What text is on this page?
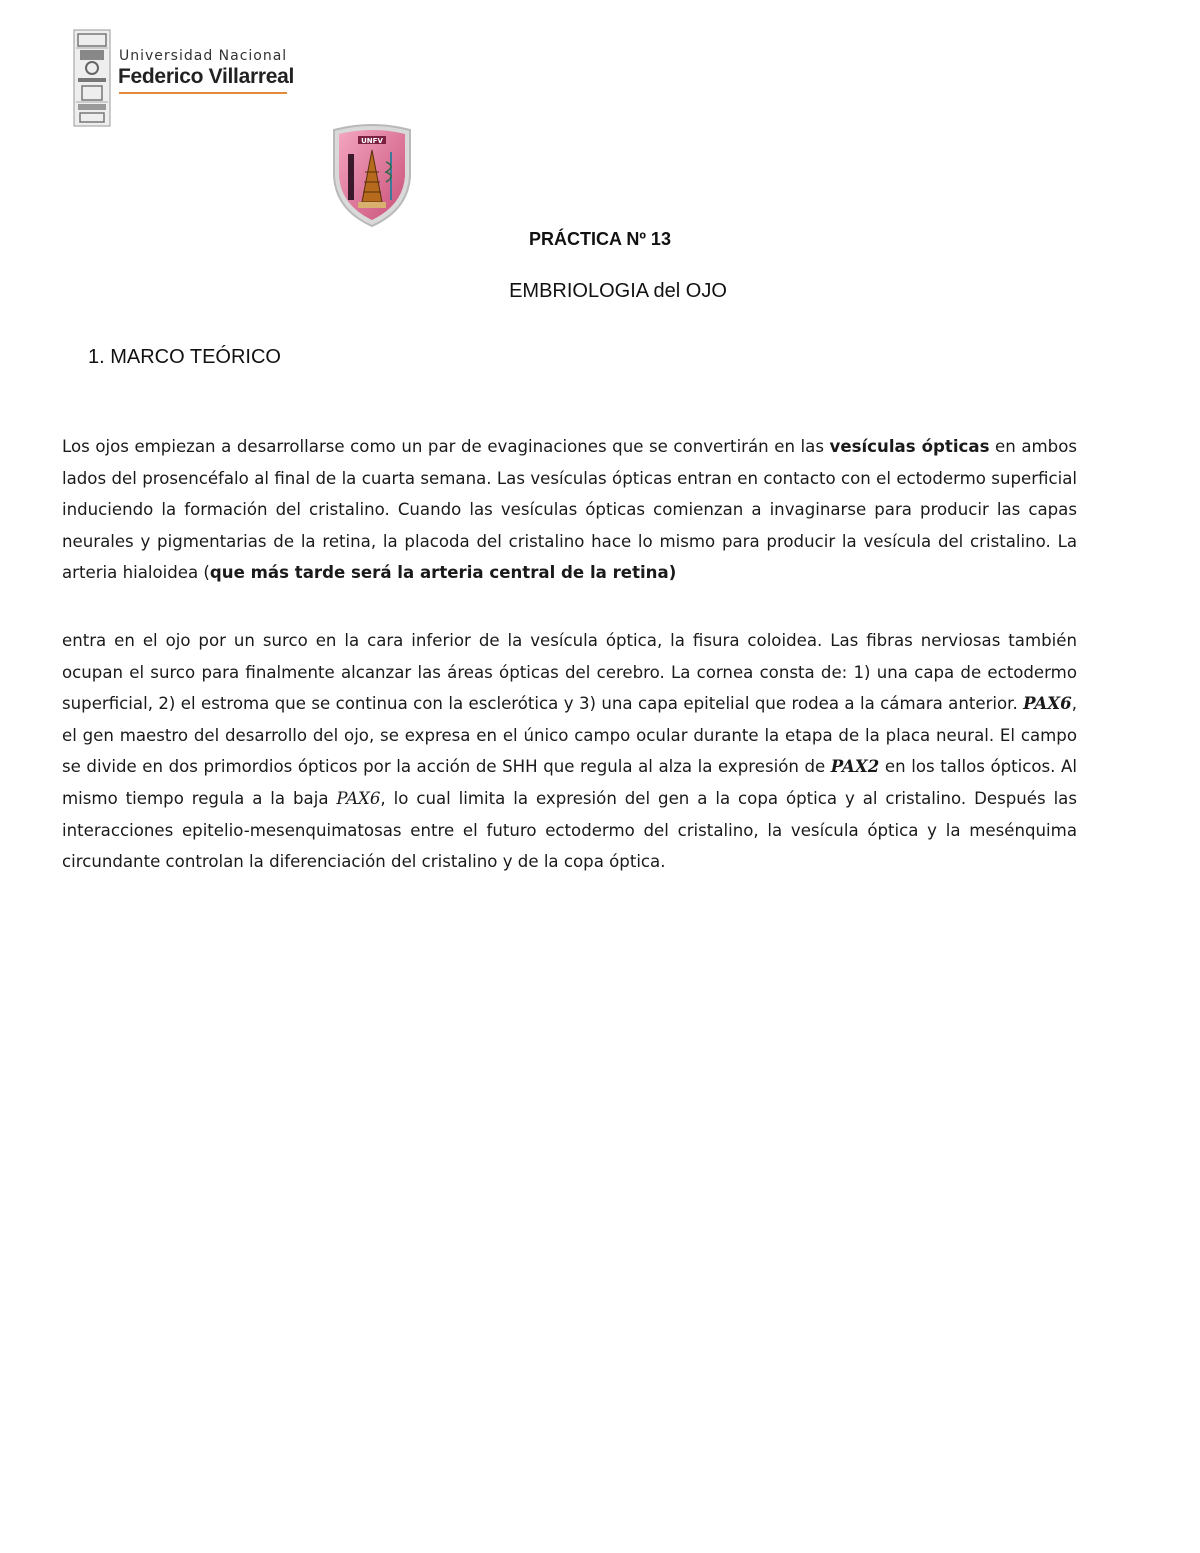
Universidad Nacional
Federico Villarreal
UNFV
PRÁCTICA Nº 13
EMBRIOLOGIA del OJO
1. MARCO TEÓRICO

Los ojos empiezan a desarrollarse como un par de evaginaciones que se convertirán en las vesículas ópticas en ambos lados del prosencéfalo al final de la cuarta semana. Las vesículas ópticas entran en contacto con el ectodermo superficial induciendo la formación del cristalino. Cuando las vesículas ópticas comienzan a invaginarse para producir las capas neurales y pigmentarias de la retina, la placoda del cristalino hace lo mismo para producir la vesícula del cristalino. La arteria hialoidea (que más tarde será la arteria central de la retina)

entra en el ojo por un surco en la cara inferior de la vesícula óptica, la fisura coloidea. Las fibras nerviosas también ocupan el surco para finalmente alcanzar las áreas ópticas del cerebro. La cornea consta de: 1) una capa de ectodermo superficial, 2) el estroma que se continua con la esclerótica y 3) una capa epitelial que rodea a la cámara anterior. PAX6, el gen maestro del desarrollo del ojo, se expresa en el único campo ocular durante la etapa de la placa neural. El campo se divide en dos primordios ópticos por la acción de SHH que regula al alza la expresión de PAX2 en los tallos ópticos. Al mismo tiempo regula a la baja PAX6, lo cual limita la expresión del gen a la copa óptica y al cristalino. Después las interacciones epitelio-mesenquimatosas entre el futuro ectodermo del cristalino, la vesícula óptica y la mesénquima circundante controlan la diferenciación del cristalino y de la copa óptica.
